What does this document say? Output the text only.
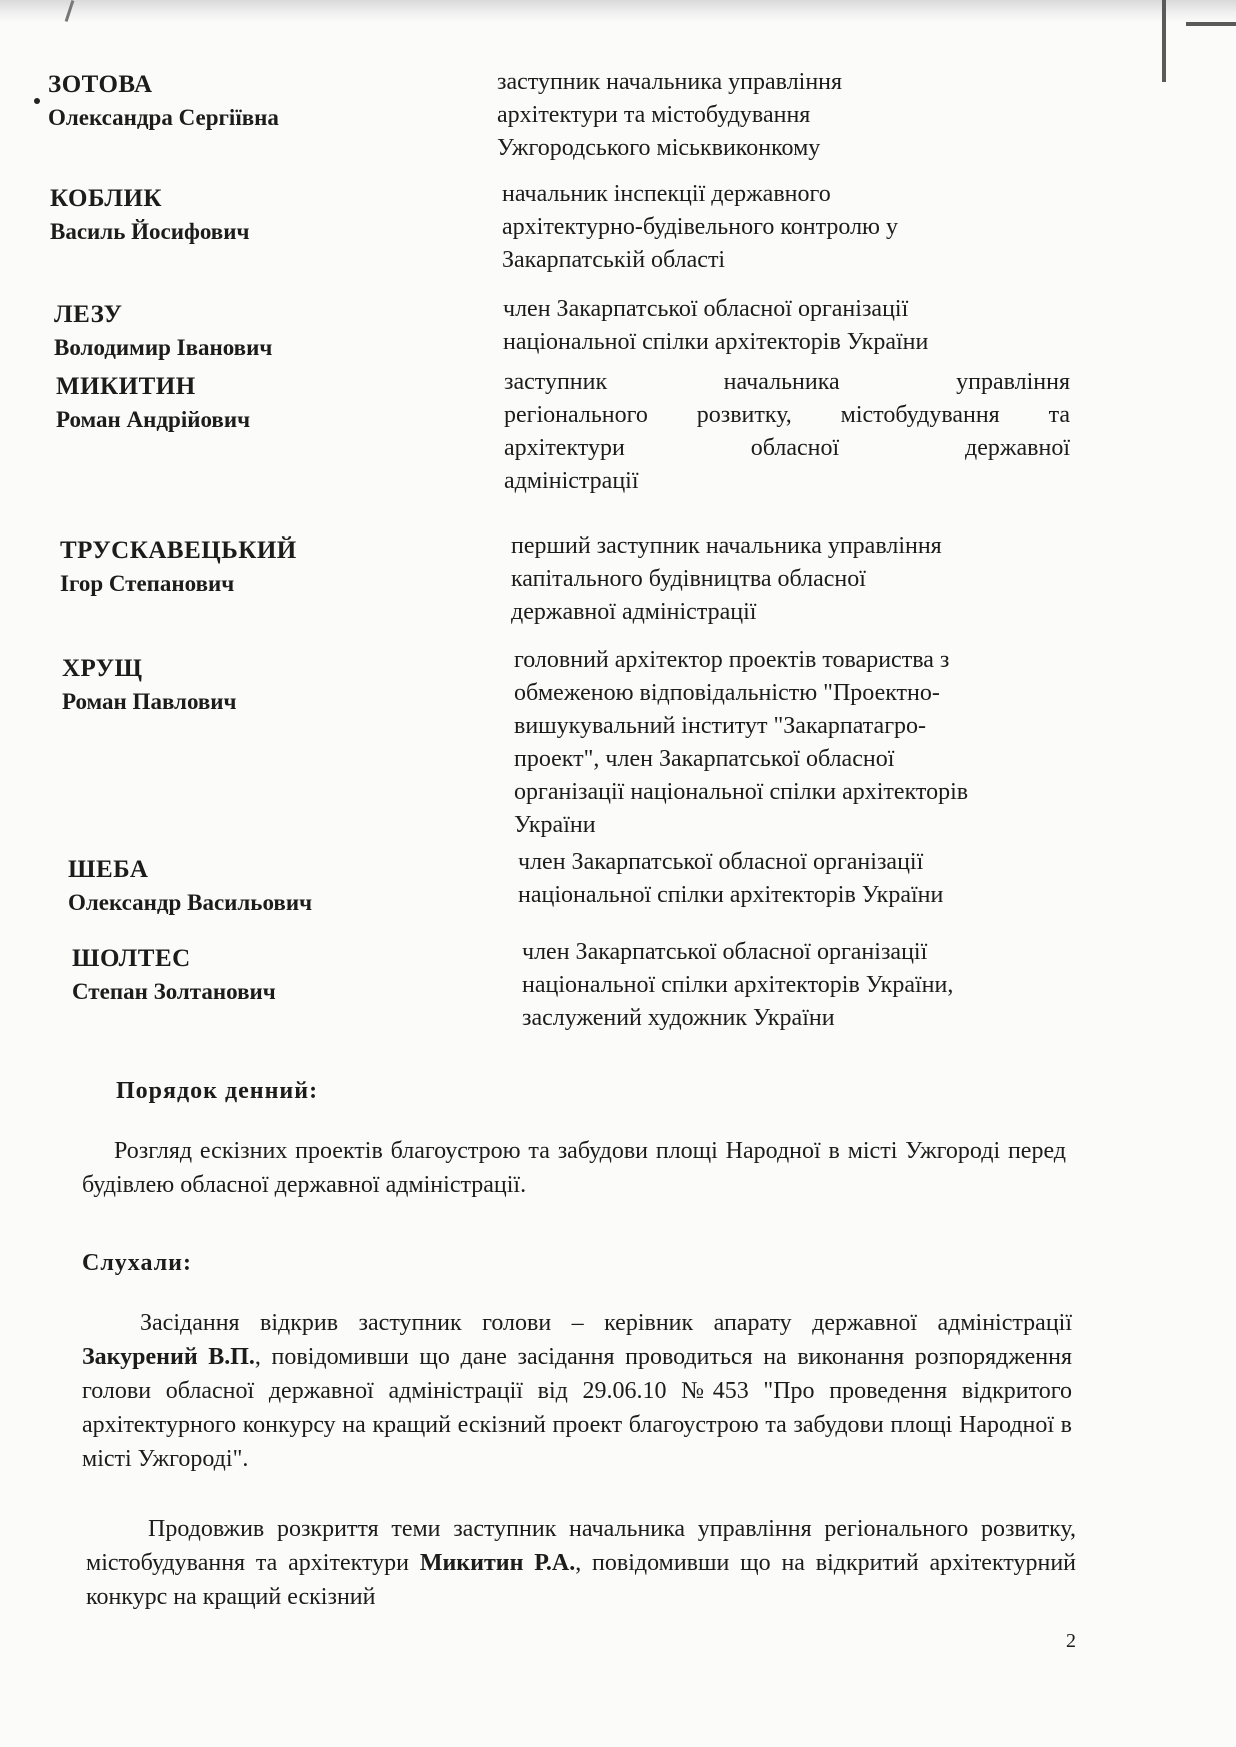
ЗОТОВА
Олександра Сергіївна
заступник начальника управління
архітектури та містобудування
Ужгородського міськвиконкому
КОБЛИК
Василь Йосифович
начальник інспекції державного
архітектурно-будівельного контролю у
Закарпатській області
ЛЕЗУ
Володимир Іванович
член Закарпатської обласної організації
національної спілки архітекторів України
МИКИТИН
Роман Андрійович
заступник начальника управління
регіонального розвитку, містобудування та
архітектури обласної державної
адміністрації
ТРУСКАВЕЦЬКИЙ
Ігор Степанович
перший заступник начальника управління
капітального будівництва обласної
державної адміністрації
ХРУЩ
Роман Павлович
головний архітектор проектів товариства з
обмеженою відповідальністю "Проектно-
вишукувальний інститут "Закарпатагро-
проект", член Закарпатської обласної
організації національної спілки архітекторів
України
ШЕБА
Олександр Васильович
член Закарпатської обласної організації
національної спілки архітекторів України
ШОЛТЕС
Степан Золтанович
член Закарпатської обласної організації
національної спілки архітекторів України,
заслужений художник України
Порядок денний:
Розгляд ескізних проектів благоустрою та забудови площі Народної в місті Ужгороді перед будівлею обласної державної адміністрації.
Слухали:
Засідання відкрив заступник голови – керівник апарату державної адміністрації Закурений В.П., повідомивши що дане засідання проводиться на виконання розпорядження голови обласної державної адміністрації від 29.06.10 №453 "Про проведення відкритого архітектурного конкурсу на кращий ескізний проект благоустрою та забудови площі Народної в місті Ужгороді".
Продовжив розкриття теми заступник начальника управління регіонального розвитку, містобудування та архітектури Микитин Р.А., повідомивши що на відкритий архітектурний конкурс на кращий ескізний
2
